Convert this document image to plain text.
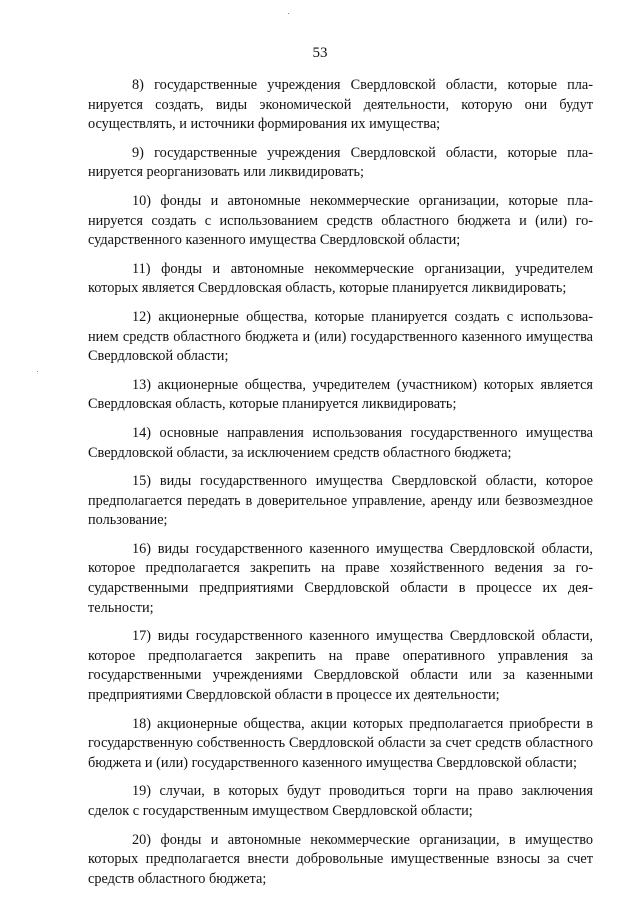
53

8) государственные учреждения Свердловской области, которые планируется создать, виды экономической деятельности, которую они будут осуществлять, и источники формирования их имущества;

9) государственные учреждения Свердловской области, которые планируется реорганизовать или ликвидировать;

10) фонды и автономные некоммерческие организации, которые планируется создать с использованием средств областного бюджета и (или) государственного казенного имущества Свердловской области;

11) фонды и автономные некоммерческие организации, учредителем которых является Свердловская область, которые планируется ликвидировать;

12) акционерные общества, которые планируется создать с использованием средств областного бюджета и (или) государственного казенного имущества Свердловской области;

13) акционерные общества, учредителем (участником) которых является Свердловская область, которые планируется ликвидировать;

14) основные направления использования государственного имущества Свердловской области, за исключением средств областного бюджета;

15) виды государственного имущества Свердловской области, которое предполагается передать в доверительное управление, аренду или безвозмездное пользование;

16) виды государственного казенного имущества Свердловской области, которое предполагается закрепить на праве хозяйственного ведения за государственными предприятиями Свердловской области в процессе их деятельности;

17) виды государственного казенного имущества Свердловской области, которое предполагается закрепить на праве оперативного управления за государственными учреждениями Свердловской области или за казенными предприятиями Свердловской области в процессе их деятельности;

18) акционерные общества, акции которых предполагается приобрести в государственную собственность Свердловской области за счет средств областного бюджета и (или) государственного казенного имущества Свердловской области;

19) случаи, в которых будут проводиться торги на право заключения сделок с государственным имуществом Свердловской области;

20) фонды и автономные некоммерческие организации, в имущество которых предполагается внести добровольные имущественные взносы за счет средств областного бюджета;
